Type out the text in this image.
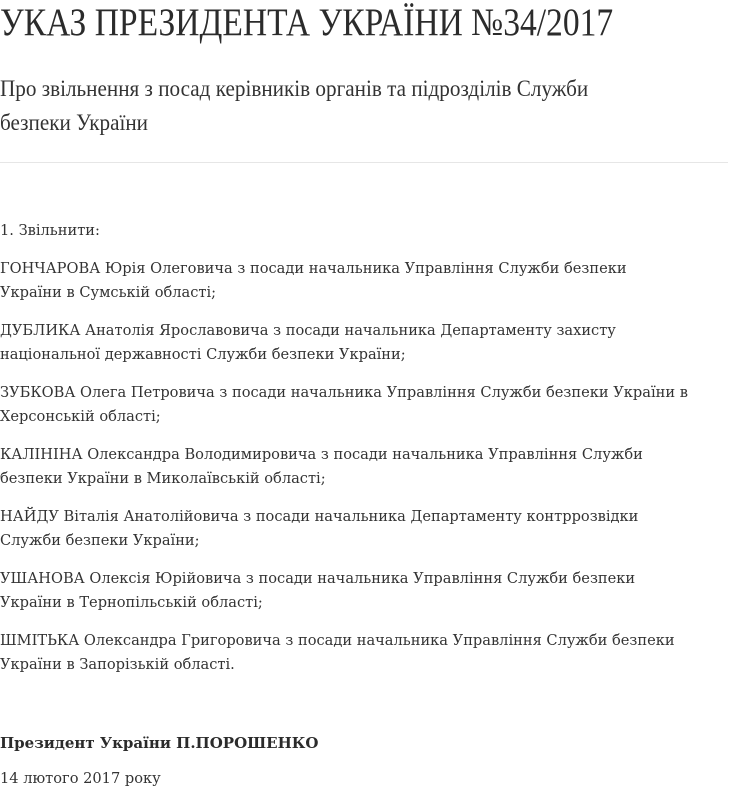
УКАЗ ПРЕЗИДЕНТА УКРАЇНИ №34/2017
Про звільнення з посад керівників органів та підрозділів Служби
безпеки України

1. Звільнити:

ГОНЧАРОВА Юрія Олеговича з посади начальника Управління Служби безпеки
України в Сумській області;

ДУБЛИКА Анатолія Ярославовича з посади начальника Департаменту захисту
національної державності Служби безпеки України;

ЗУБКОВА Олега Петровича з посади начальника Управління Служби безпеки України в
Херсонській області;

КАЛІНІНА Олександра Володимировича з посади начальника Управління Служби
безпеки України в Миколаївській області;

НАЙДУ Віталія Анатолійовича з посади начальника Департаменту контррозвідки
Служби безпеки України;

УШАНОВА Олексія Юрійовича з посади начальника Управління Служби безпеки
України в Тернопільській області;

ШМІТЬКА Олександра Григоровича з посади начальника Управління Служби безпеки
України в Запорізькій області.

Президент України П.ПОРОШЕНКО
14 лютого 2017 року
